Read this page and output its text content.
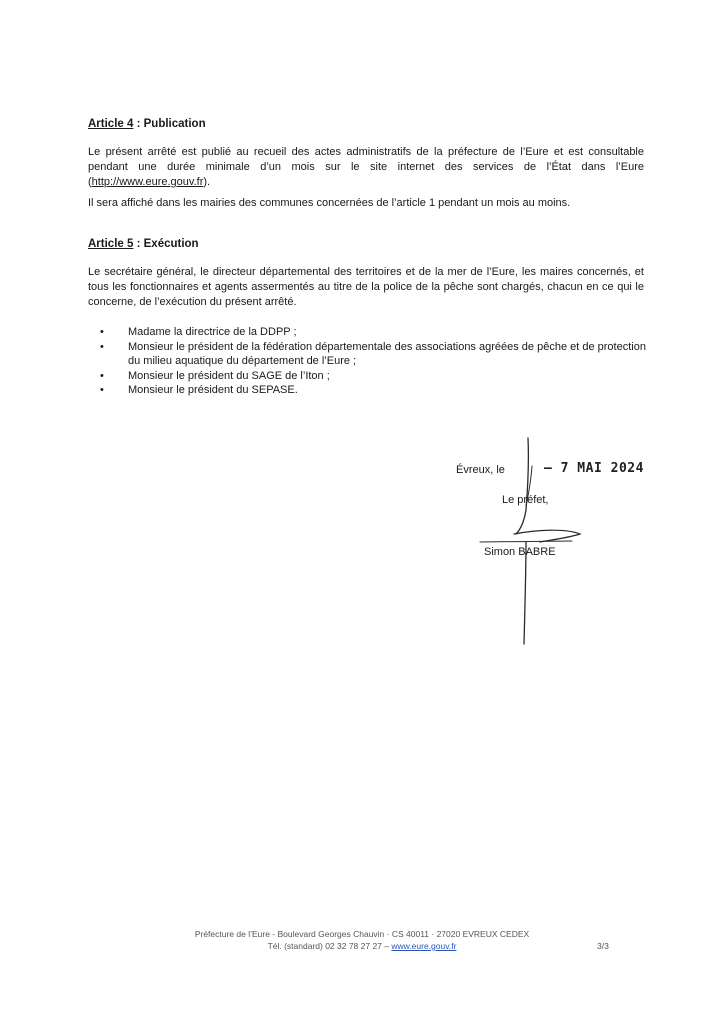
Article 4 : Publication
Le présent arrêté est publié au recueil des actes administratifs de la préfecture de l’Eure et est consultable pendant une durée minimale d’un mois sur le site internet des services de l’État dans l’Eure (http://www.eure.gouv.fr).
Il sera affiché dans les mairies des communes concernées de l’article 1 pendant un mois au moins.
Article 5 : Exécution
Le secrétaire général, le directeur départemental des territoires et de la mer de l’Eure, les maires concernés, et tous les fonctionnaires et agents assermentés au titre de la police de la pêche sont chargés, chacun en ce qui le concerne, de l’exécution du présent arrêté.
• Madame la directrice de la DDPP ;
• Monsieur le président de la fédération départementale des associations agréées de pêche et de protection du milieu aquatique du département de l’Eure ;
• Monsieur le président du SAGE de l’Iton ;
• Monsieur le président du SEPASE.
Évreux, le	– 7 MAI 2024
Le préfet,
Simon BABRE
Préfecture de l’Eure - Boulevard Georges Chauvin · CS 40011 · 27020 EVREUX CEDEX
Tél. (standard) 02 32 78 27 27 – www.eure.gouv.fr	3/3
